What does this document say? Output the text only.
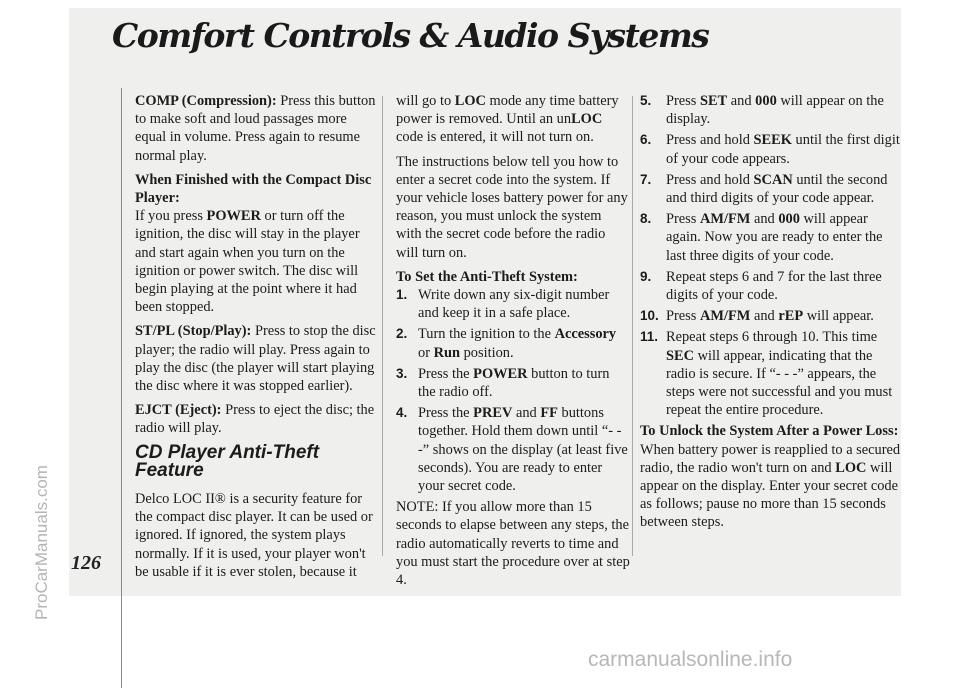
Comfort Controls & Audio Systems
126
ProCarManuals.com
carmanualsonline.info

COMP (Compression): Press this button to make soft and loud passages more equal in volume. Press again to resume normal play.

When Finished with the Compact Disc Player:

If you press POWER or turn off the ignition, the disc will stay in the player and start again when you turn on the ignition or power switch. The disc will begin playing at the point where it had been stopped.

ST/PL (Stop/Play): Press to stop the disc player; the radio will play. Press again to play the disc (the player will start playing the disc where it was stopped earlier).

EJCT (Eject): Press to eject the disc; the radio will play.

CD Player Anti-Theft Feature

Delco LOC II® is a security feature for the compact disc player. It can be used or ignored. If ignored, the system plays normally. If it is used, your player won't be usable if it is ever stolen, because it

will go to LOC mode any time battery power is removed. Until an unLOC code is entered, it will not turn on.

The instructions below tell you how to enter a secret code into the system. If your vehicle loses battery power for any reason, you must unlock the system with the secret code before the radio will turn on.

To Set the Anti-Theft System:
1. Write down any six-digit number and keep it in a safe place.
2. Turn the ignition to the Accessory or Run position.
3. Press the POWER button to turn the radio off.
4. Press the PREV and FF buttons together. Hold them down until “- - -” shows on the display (at least five seconds). You are ready to enter your secret code.

NOTE: If you allow more than 15 seconds to elapse between any steps, the radio automatically reverts to time and you must start the procedure over at step 4.

5. Press SET and 000 will appear on the display.
6. Press and hold SEEK until the first digit of your code appears.
7. Press and hold SCAN until the second and third digits of your code appear.
8. Press AM/FM and 000 will appear again. Now you are ready to enter the last three digits of your code.
9. Repeat steps 6 and 7 for the last three digits of your code.
10. Press AM/FM and rEP will appear.
11. Repeat steps 6 through 10. This time SEC will appear, indicating that the radio is secure. If “- - -” appears, the steps were not successful and you must repeat the entire procedure.
To Unlock the System After a Power Loss:

When battery power is reapplied to a secured radio, the radio won't turn on and LOC will appear on the display. Enter your secret code as follows; pause no more than 15 seconds between steps.
